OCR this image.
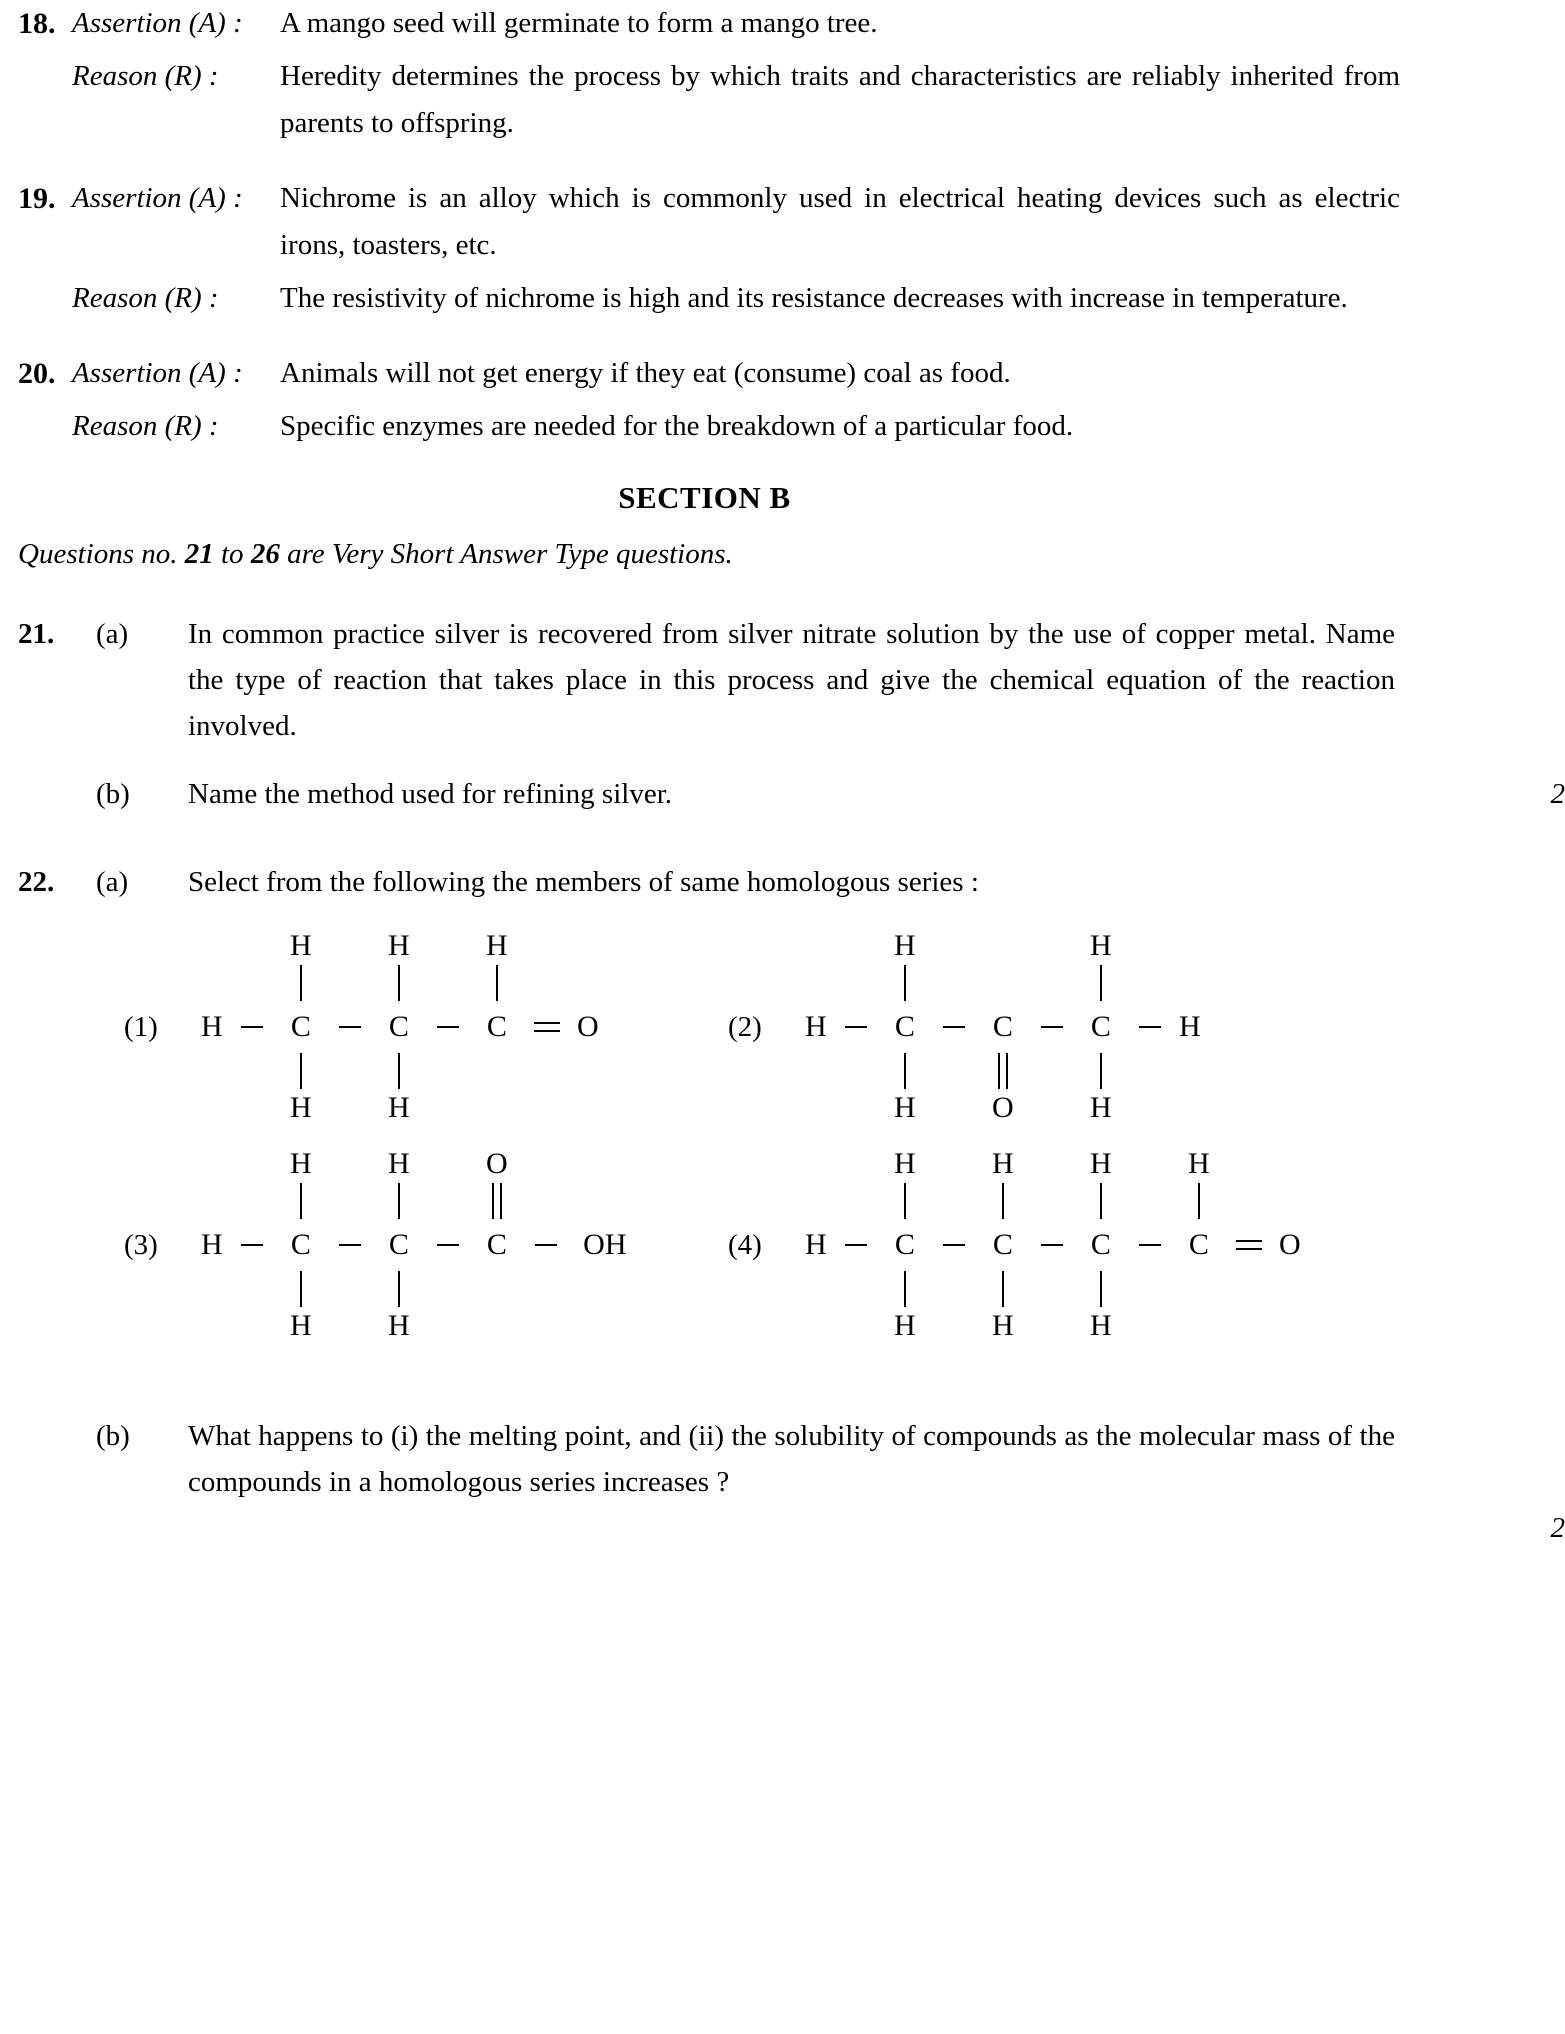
18. Assertion (A) :	A mango seed will germinate to form a mango tree.
Reason (R) :	Heredity determines the process by which traits and characteristics are reliably inherited from parents to offspring.
19. Assertion (A) :	Nichrome is an alloy which is commonly used in electrical heating devices such as electric irons, toasters, etc.
Reason (R) :	The resistivity of nichrome is high and its resistance decreases with increase in temperature.
20. Assertion (A) :	Animals will not get energy if they eat (consume) coal as food.
Reason (R) :	Specific enzymes are needed for the breakdown of a particular food.
SECTION B
Questions no. 21 to 26 are Very Short Answer Type questions.
21.	(a)	In common practice silver is recovered from silver nitrate solution by the use of copper metal. Name the type of reaction that takes place in this process and give the chemical equation of the reaction involved.
(b)	Name the method used for refining silver.	2
22.	(a)	Select from the following the members of same homologous series :
(1)	H
H
C
H
H
C
H
H
C	O	(2)	H
H
C
H
C
O
H
C
H
H
(3)	H
H
C
H
H
C
H
O
C	OH	(4)	H
H
C
H
H
C
H
H
C
H
H
C	O
(b)	What happens to (i) the melting point, and (ii) the solubility of compounds as the molecular mass of the compounds in a homologous series increases ?
2
